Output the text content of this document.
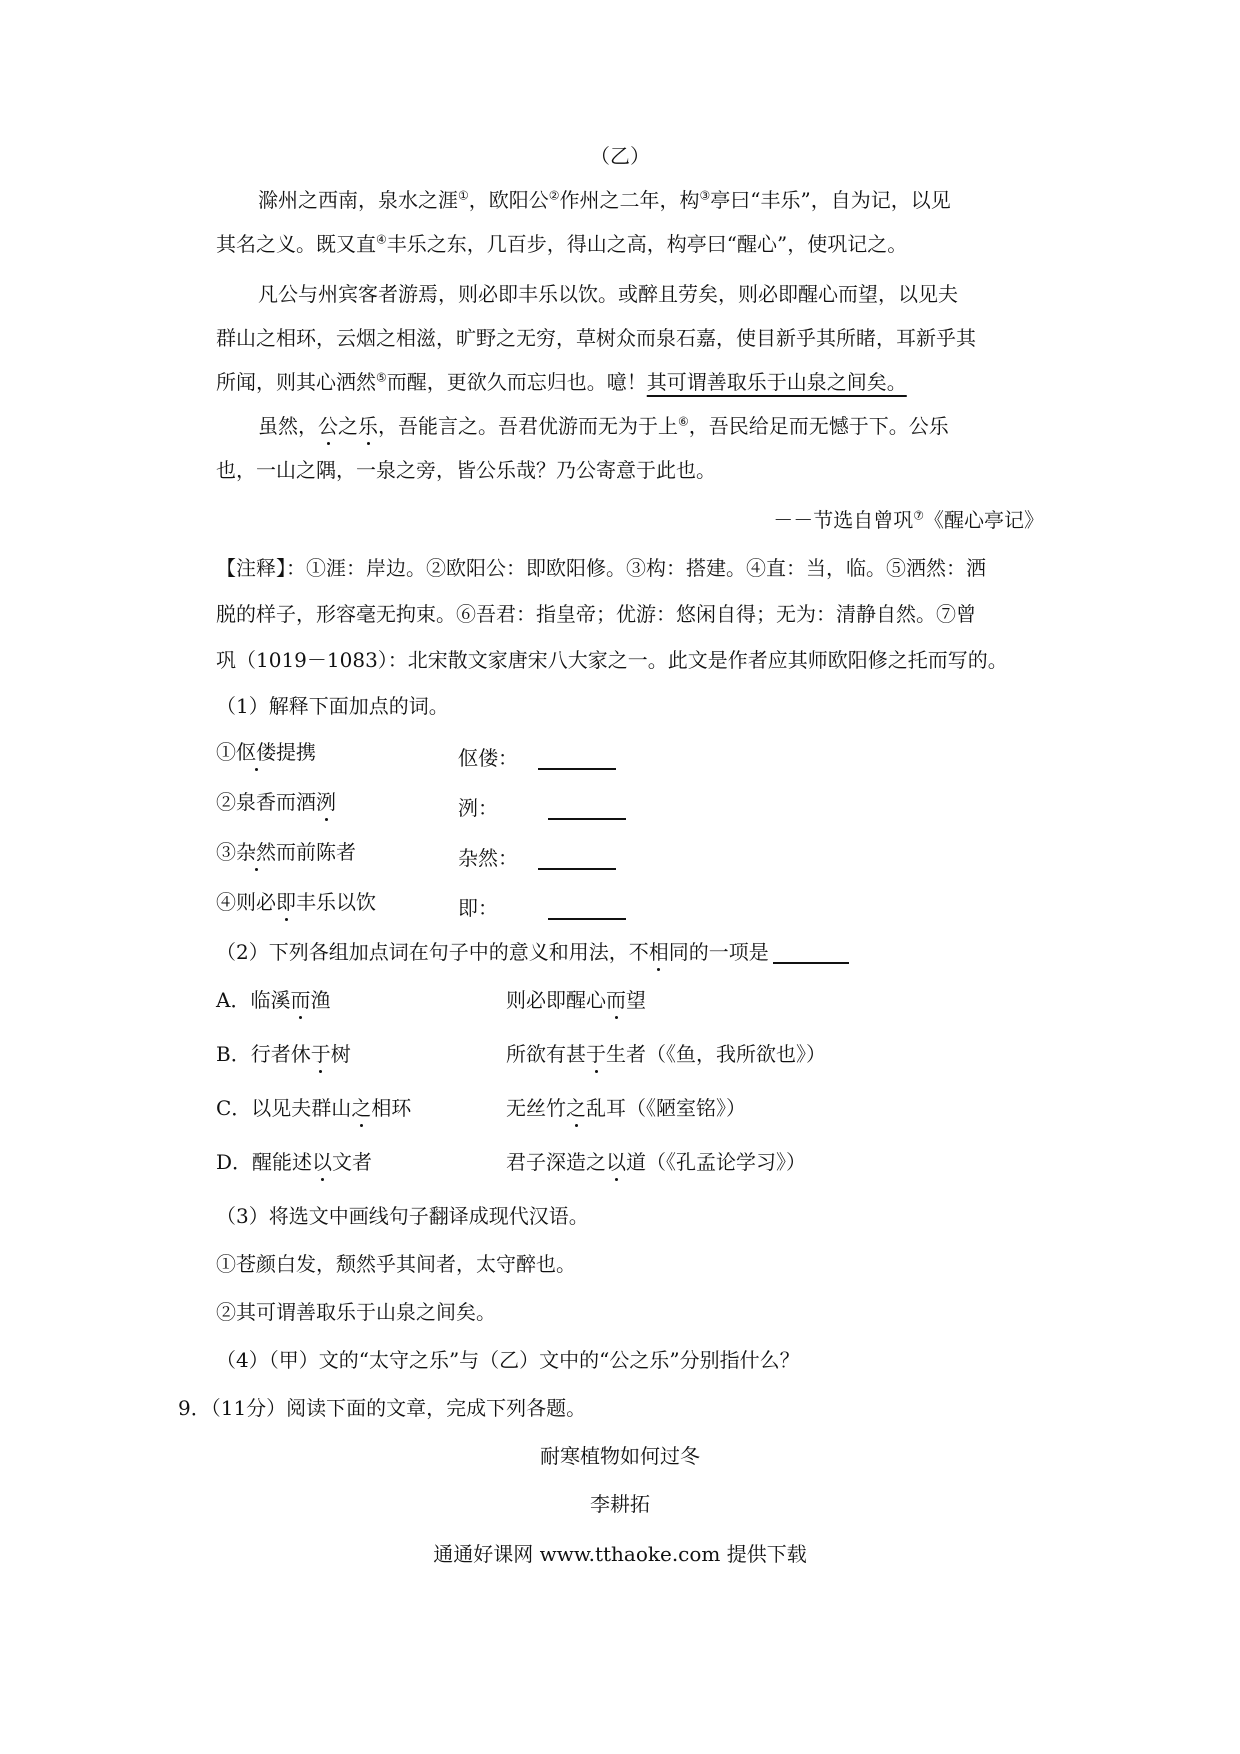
（乙）
滁州之西南，泉水之涯①，欧阳公②作州之二年，构③亭曰“丰乐”，自为记，以见
其名之义。既又直④丰乐之东，几百步，得山之高，构亭曰“醒心”，使巩记之。
凡公与州宾客者游焉，则必即丰乐以饮。或醉且劳矣，则必即醒心而望，以见夫
群山之相环，云烟之相滋，旷野之无穷，草树众而泉石嘉，使目新乎其所睹，耳新乎其
所闻，则其心洒然⑤而醒，更欲久而忘归也。噫！其可谓善取乐于山泉之间矣。
虽然，公之乐，吾能言之。吾君优游而无为于上⑥，吾民给足而无憾于下。公乐
也，一山之隅，一泉之旁，皆公乐哉？乃公寄意于此也。
－－节选自曾巩⑦《醒心亭记》
【注释】：①涯：岸边。②欧阳公：即欧阳修。③构：搭建。④直：当，临。⑤洒然：洒
脱的样子，形容毫无拘束。⑥吾君：指皇帝；优游：悠闲自得；无为：清静自然。⑦曾
巩（1019－1083）：北宋散文家唐宋八大家之一。此文是作者应其师欧阳修之托而写的。
（1）解释下面加点的词。
①伛偻提携	伛偻：
②泉香而酒洌	洌：
③杂然而前陈者	杂然：
④则必即丰乐以饮	即：
（2）下列各组加点词在句子中的意义和用法，不相同的一项是
A．临溪而渔	则必即醒心而望
B．行者休于树	所欲有甚于生者（《鱼，我所欲也》）
C．以见夫群山之相环	无丝竹之乱耳（《陋室铭》）
D．醒能述以文者	君子深造之以道（《孔孟论学习》）
（3）将选文中画线句子翻译成现代汉语。
①苍颜白发，颓然乎其间者，太守醉也。
②其可谓善取乐于山泉之间矣。
（4）（甲）文的“太守之乐”与（乙）文中的“公之乐”分别指什么？
9．（11分）阅读下面的文章，完成下列各题。
耐寒植物如何过冬
李耕拓
通通好课网 www.tthaoke.com 提供下载
